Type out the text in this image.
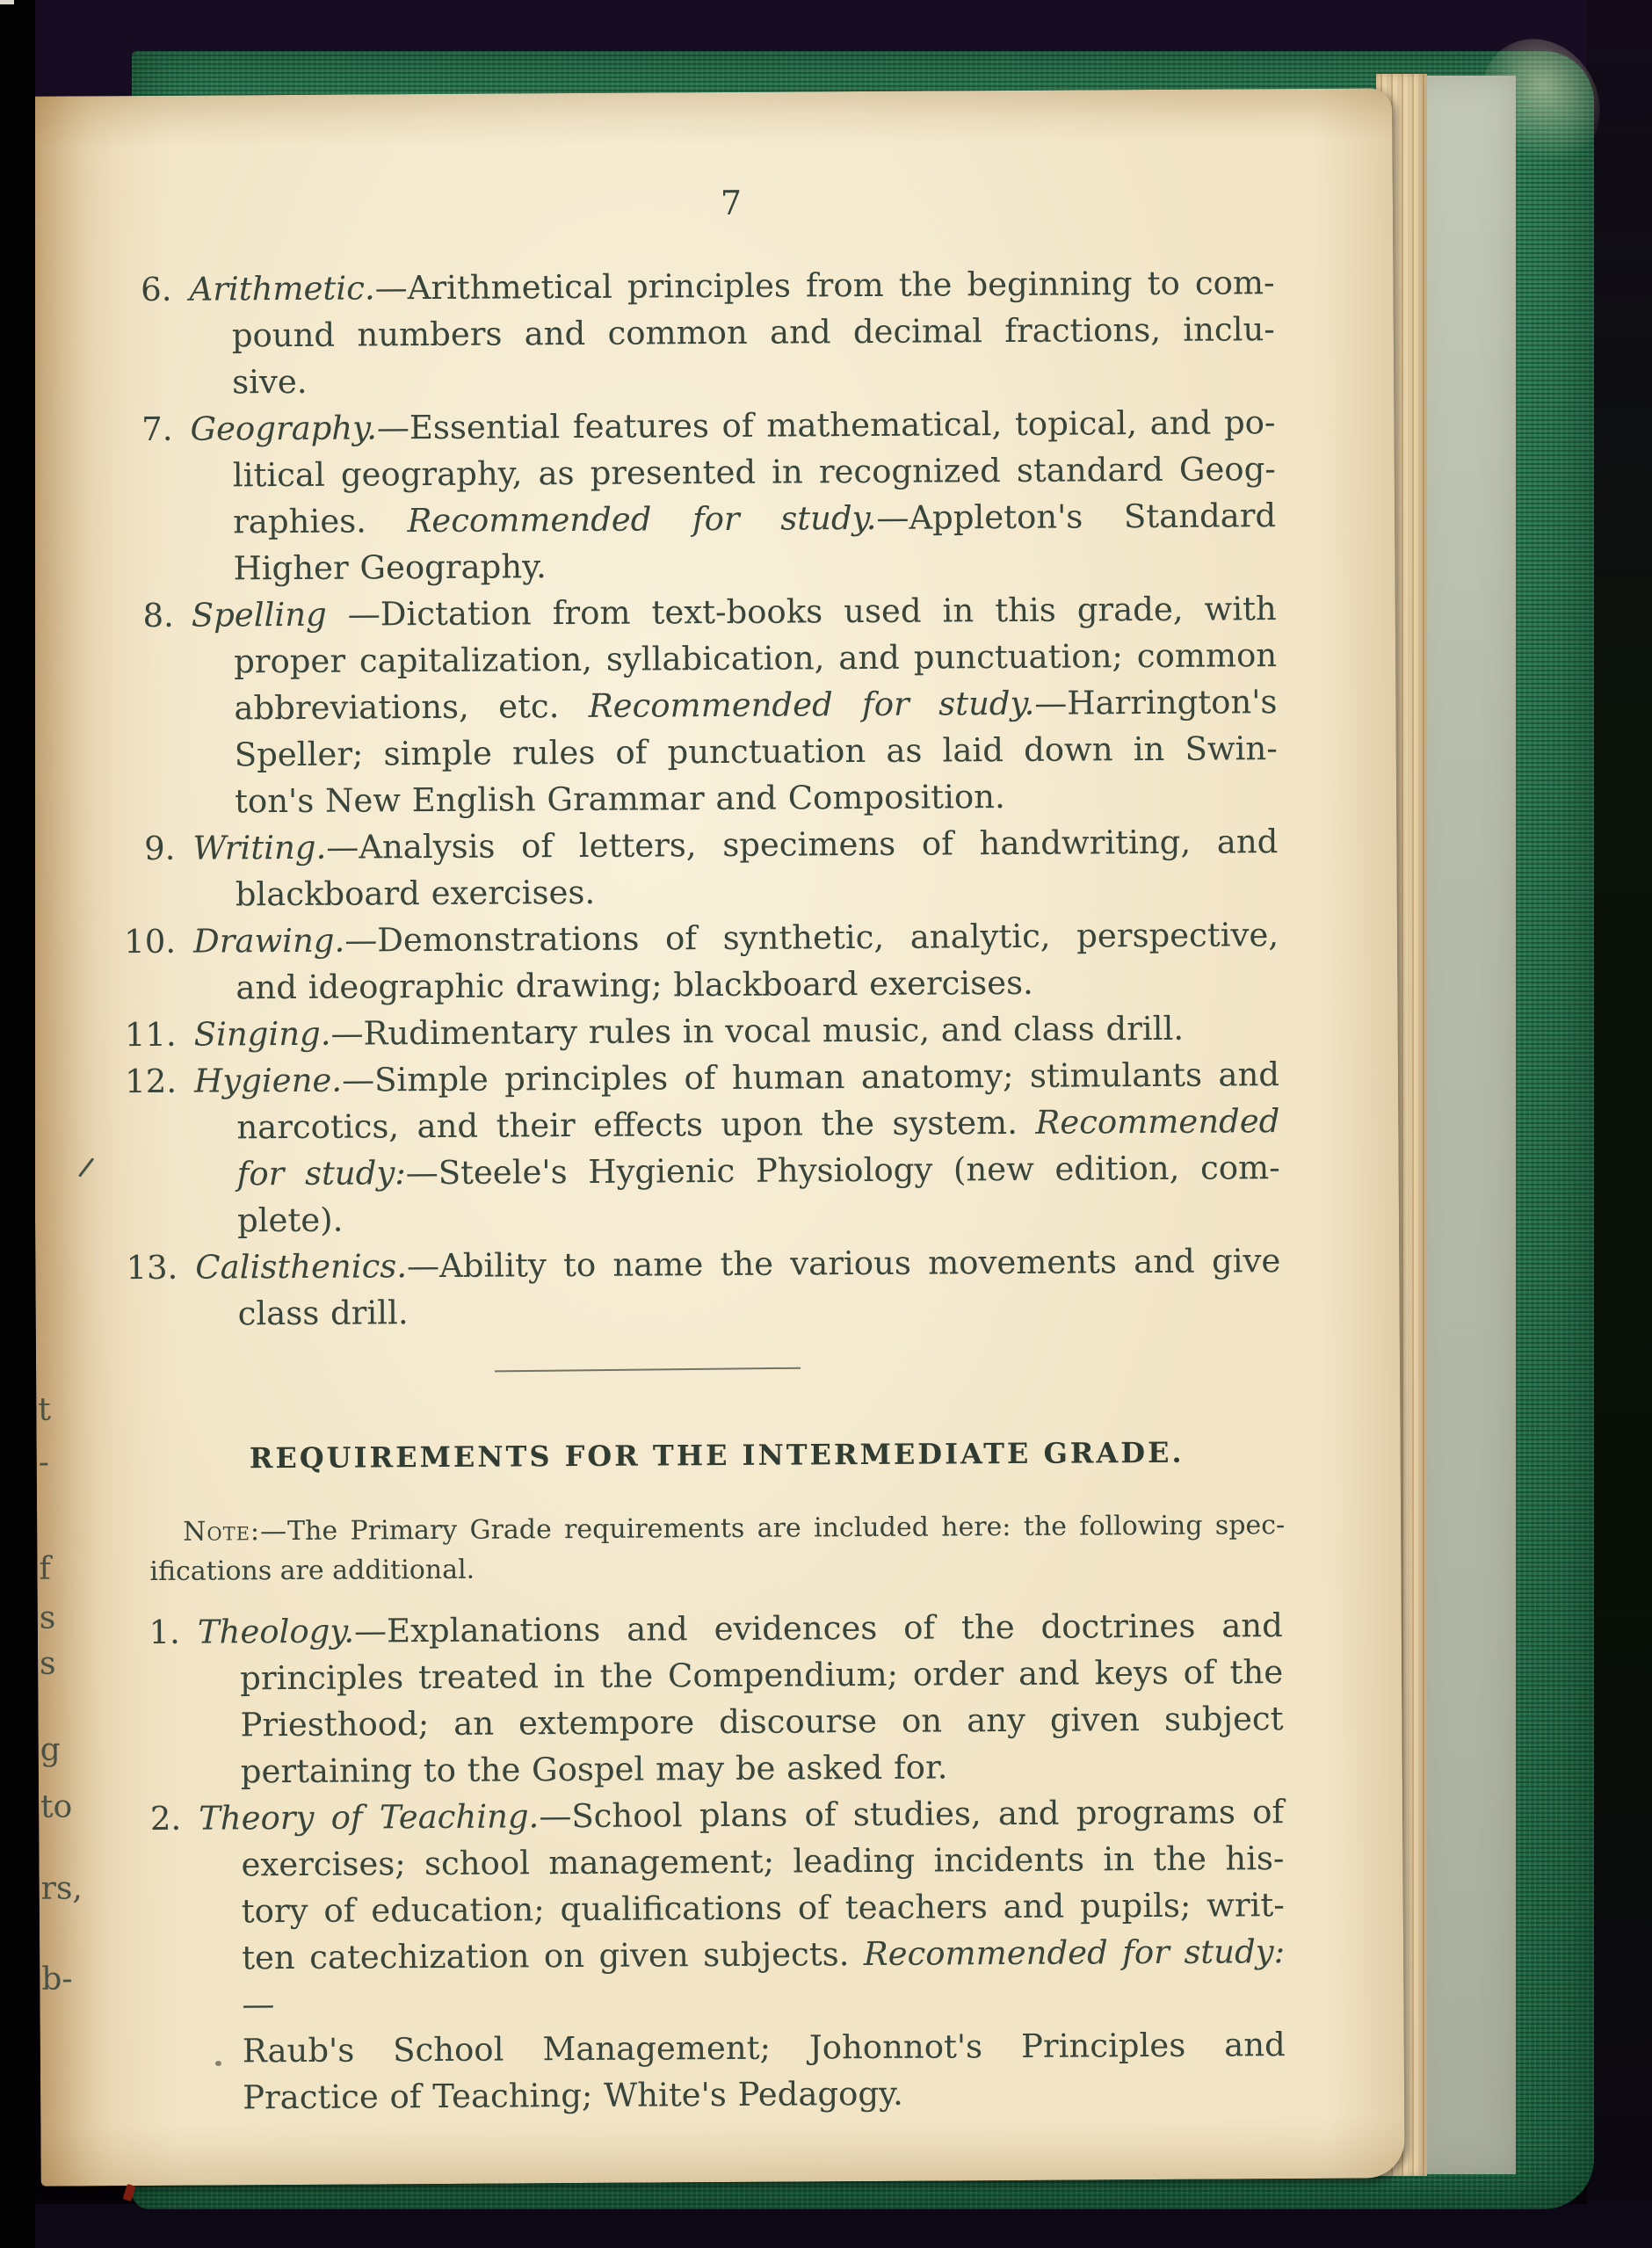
7
6. Arithmetic.—Arithmetical principles from the beginning to com-
pound numbers and common and decimal fractions, inclu-
sive.
7. Geography.—Essential features of mathematical, topical, and po-
litical geography, as presented in recognized standard Geog-
raphies. Recommended for study.—Appleton's Standard
Higher Geography.
8. Spelling —Dictation from text-books used in this grade, with
proper capitalization, syllabication, and punctuation; common
abbreviations, etc. Recommended for study.—Harrington's
Speller; simple rules of punctuation as laid down in Swin-
ton's New English Grammar and Composition.
9. Writing.—Analysis of letters, specimens of handwriting, and
blackboard exercises.
10. Drawing.—Demonstrations of synthetic, analytic, perspective,
and ideographic drawing; blackboard exercises.
11. Singing.—Rudimentary rules in vocal music, and class drill.
12. Hygiene.—Simple principles of human anatomy; stimulants and
narcotics, and their effects upon the system. Recommended
for study:—Steele's Hygienic Physiology (new edition, com-
plete).
13. Calisthenics.—Ability to name the various movements and give
class drill.
REQUIREMENTS FOR THE INTERMEDIATE GRADE.
Note:—The Primary Grade requirements are included here: the following spec-
ifications are additional.
1. Theology.—Explanations and evidences of the doctrines and
principles treated in the Compendium; order and keys of the
Priesthood; an extempore discourse on any given subject
pertaining to the Gospel may be asked for.
2. Theory of Teaching.—School plans of studies, and programs of
exercises; school management; leading incidents in the his-
tory of education; qualifications of teachers and pupils; writ-
ten catechization on given subjects. Recommended for study:—
Raub's School Management; Johonnot's Principles and
Practice of Teaching; White's Pedagogy.
t
-
f
s
s
g
to
rs,
b-
